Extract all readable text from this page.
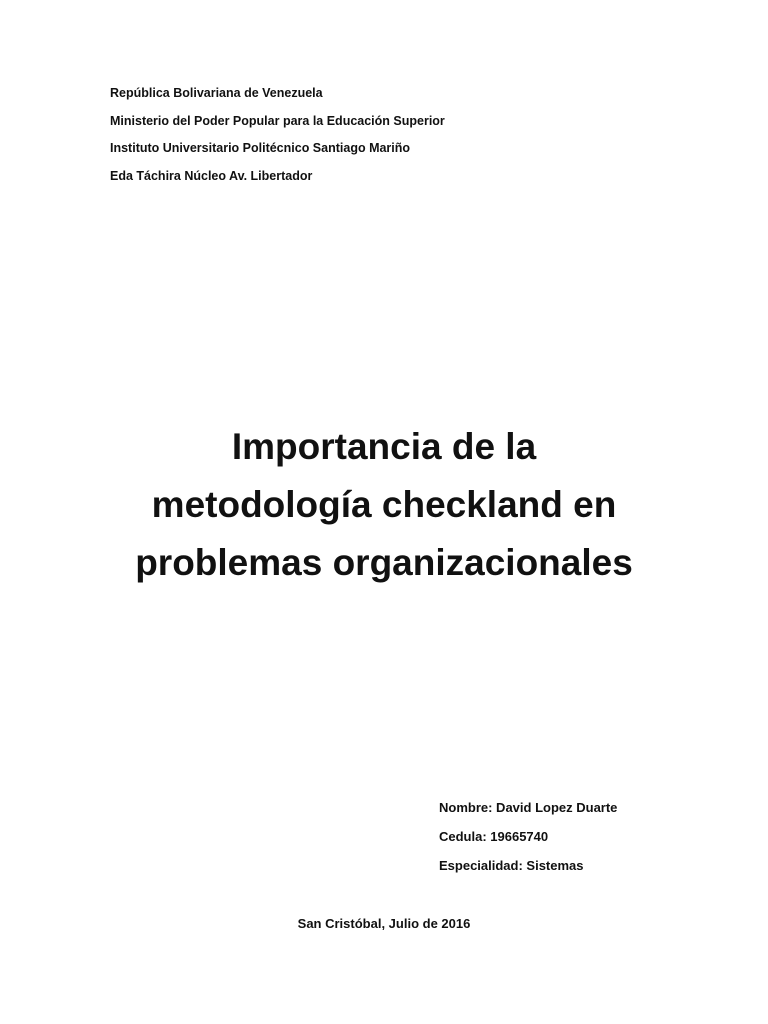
República Bolivariana de Venezuela
Ministerio del Poder Popular para la Educación Superior
Instituto Universitario Politécnico Santiago Mariño
Eda Táchira Núcleo Av. Libertador
Importancia de la
metodología checkland en
problemas organizacionales
Nombre: David Lopez Duarte
Cedula: 19665740
Especialidad: Sistemas
San Cristóbal, Julio de 2016
